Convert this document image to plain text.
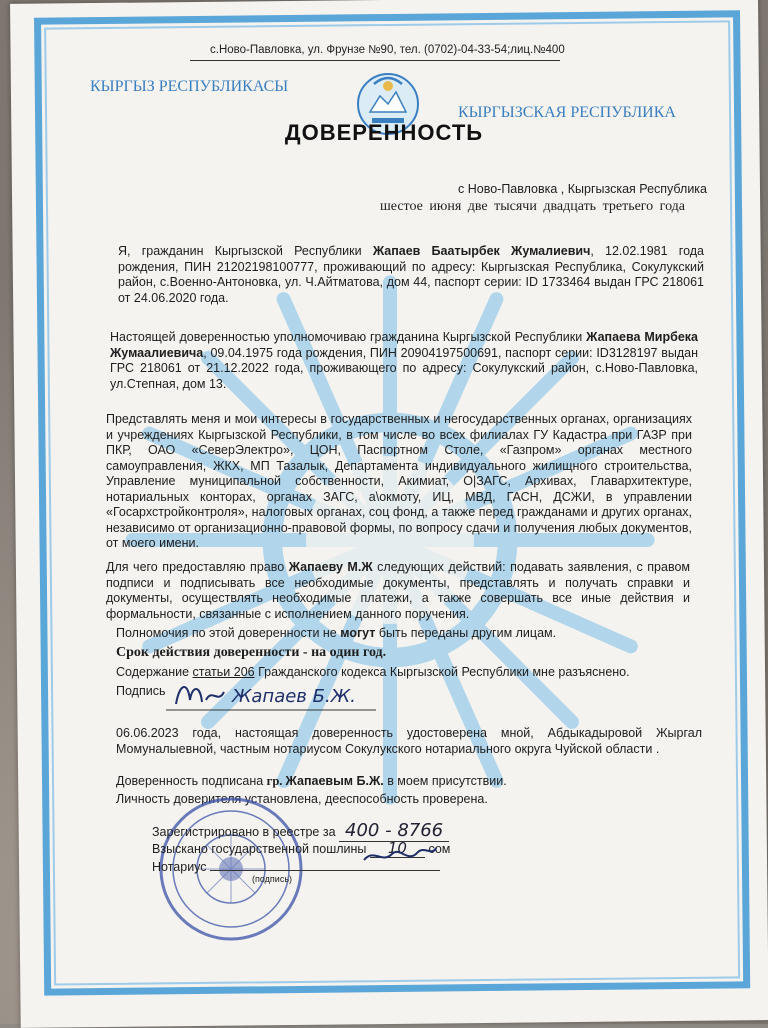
с.Ново-Павловка, ул. Фрунзе №90, тел. (0702)-04-33-54;лиц.№400
КЫРГЫЗ РЕСПУБЛИКАСЫ
КЫРГЫЗСКАЯ РЕСПУБЛИКА
ДОВЕРЕННОСТЬ
с Ново-Павловка , Кыргызская Республика
шестое июня две тысячи двадцать третьего года
Я, гражданин Кыргызской Республики Жапаев Баатырбек Жумалиевич, 12.02.1981 года рождения, ПИН 21202198100777, проживающий по адресу: Кыргызская Республика, Сокулукский район, с.Военно-Антоновка, ул. Ч.Айтматова, дом 44, паспорт серии: ID 1733464 выдан ГРС 218061 от 24.06.2020 года.
Настоящей доверенностью уполномочиваю гражданина Кыргызской Республики Жапаева Мирбека Жумаалиевича, 09.04.1975 года рождения, ПИН 20904197500691, паспорт серии: ID3128197 выдан ГРС 218061 от 21.12.2022 года, проживающего по адресу: Сокулукский район, с.Ново-Павловка, ул.Степная, дом 13.
Представлять меня и мои интересы в государственных и негосударственных органах, организациях и учреждениях Кыргызской Республики, в том числе во всех филиалах ГУ Кадастра при ГАЗР при ПКР, ОАО «СеверЭлектро», ЦОН, Паспортном Столе, «Газпром» органах местного самоуправления, ЖКХ, МП Тазалык, Департамента индивидуального жилищного строительства, Управление муниципальной собственности, Акимиат, О|ЗАГС, Архивах, Главархитектуре, нотариальных конторах, органах ЗАГС, а\окмоту, ИЦ, МВД, ГАСН, ДСЖИ, в управлении «Госархстройконтроля», налоговых органах, соц фонд, а также перед гражданами и других органах, независимо от организационно-правовой формы, по вопросу сдачи и получения любых документов, от моего имени.
Для чего предоставляю право Жапаеву М.Ж следующих действий: подавать заявления, с правом подписи и подписывать все необходимые документы, представлять и получать справки и документы, осуществлять необходимые платежи, а также совершать все иные действия и формальности, связанные с исполнением данного поручения.
Полномочия по этой доверенности не могут быть переданы другим лицам.
Срок действия доверенности - на один год.
Содержание статьи 206 Гражданского кодекса Кыргызской Республики мне разъяснено.
Подпись	Жапаев Б.Ж.
06.06.2023 года, настоящая доверенность удостоверена мной, Абдыкадыровой Жыргал Момуналыевной, частным нотариусом Сокулукского нотариального округа Чуйской области .
Доверенность подписана гр. Жапаевым Б.Ж. в моем присутствии.
Личность доверителя установлена, дееспособность проверена.
Зарегистрировано в реестре за 400 - 8766
Взыскано государственной пошлины 10 сом
Нотариус
(подпись)
